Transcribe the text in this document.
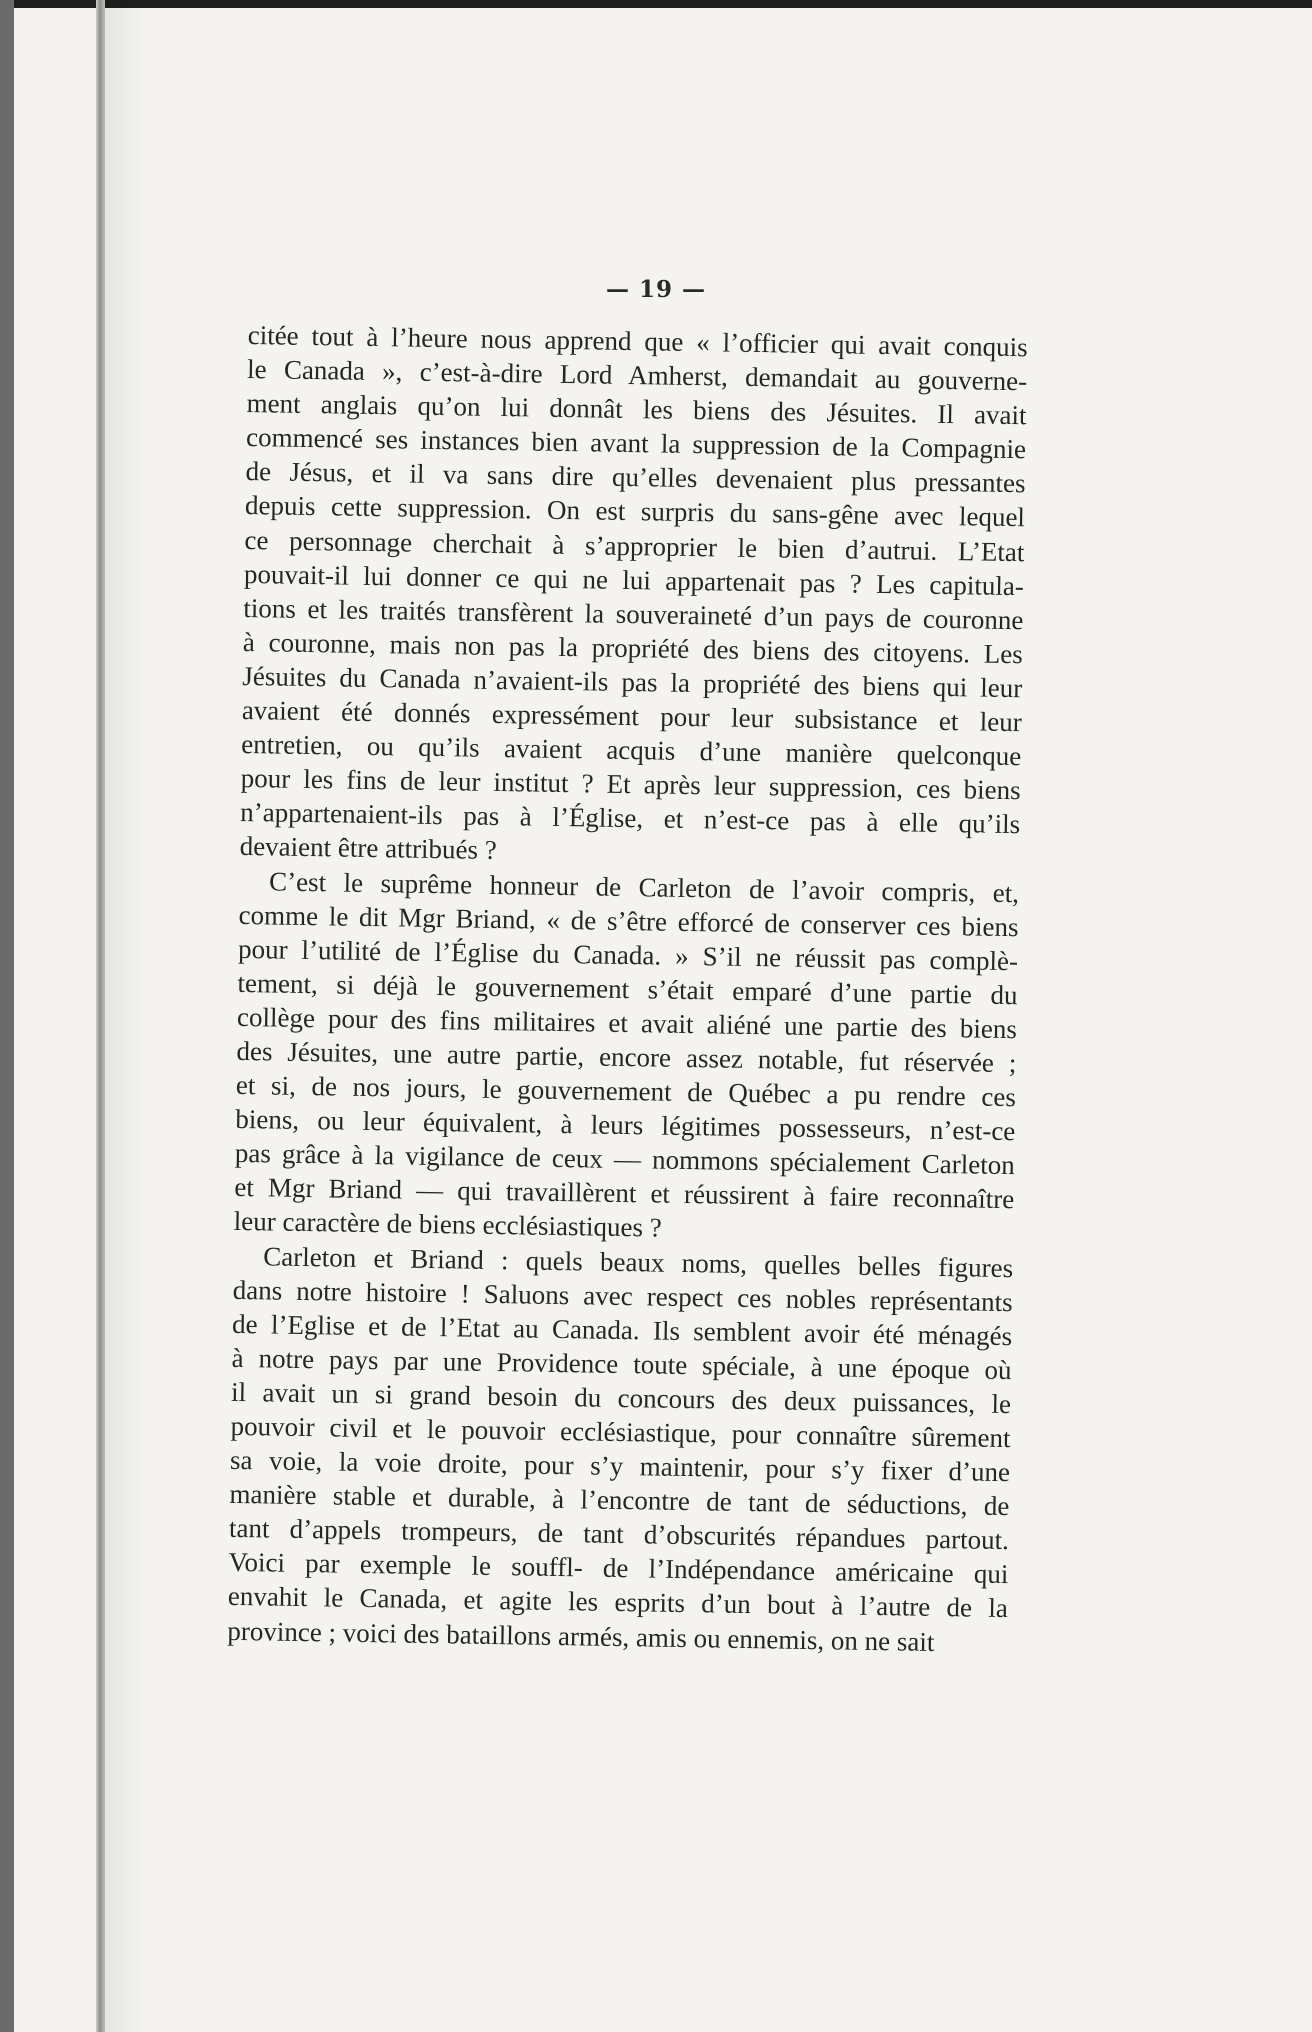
— 19 —
citée tout à l’heure nous apprend que « l’officier qui avait conquis
le Canada », c’est-à-dire Lord Amherst, demandait au gouverne-
ment anglais qu’on lui donnât les biens des Jésuites. Il avait
commencé ses instances bien avant la suppression de la Compagnie
de Jésus, et il va sans dire qu’elles devenaient plus pressantes
depuis cette suppression. On est surpris du sans-gêne avec lequel
ce personnage cherchait à s’approprier le bien d’autrui. L’Etat
pouvait-il lui donner ce qui ne lui appartenait pas ? Les capitula-
tions et les traités transfèrent la souveraineté d’un pays de couronne
à couronne, mais non pas la propriété des biens des citoyens. Les
Jésuites du Canada n’avaient-ils pas la propriété des biens qui leur
avaient été donnés expressément pour leur subsistance et leur
entretien, ou qu’ils avaient acquis d’une manière quelconque
pour les fins de leur institut ? Et après leur suppression, ces biens
n’appartenaient-ils pas à l’Église, et n’est-ce pas à elle qu’ils
devaient être attribués ?
C’est le suprême honneur de Carleton de l’avoir compris, et,
comme le dit Mgr Briand, « de s’être efforcé de conserver ces biens
pour l’utilité de l’Église du Canada. » S’il ne réussit pas complè-
tement, si déjà le gouvernement s’était emparé d’une partie du
collège pour des fins militaires et avait aliéné une partie des biens
des Jésuites, une autre partie, encore assez notable, fut réservée ;
et si, de nos jours, le gouvernement de Québec a pu rendre ces
biens, ou leur équivalent, à leurs légitimes possesseurs, n’est-ce
pas grâce à la vigilance de ceux — nommons spécialement Carleton
et Mgr Briand — qui travaillèrent et réussirent à faire reconnaître
leur caractère de biens ecclésiastiques ?
Carleton et Briand : quels beaux noms, quelles belles figures
dans notre histoire ! Saluons avec respect ces nobles représentants
de l’Eglise et de l’Etat au Canada. Ils semblent avoir été ménagés
à notre pays par une Providence toute spéciale, à une époque où
il avait un si grand besoin du concours des deux puissances, le
pouvoir civil et le pouvoir ecclésiastique, pour connaître sûrement
sa voie, la voie droite, pour s’y maintenir, pour s’y fixer d’une
manière stable et durable, à l’encontre de tant de séductions, de
tant d’appels trompeurs, de tant d’obscurités répandues partout.
Voici par exemple le souffl- de l’Indépendance américaine qui
envahit le Canada, et agite les esprits d’un bout à l’autre de la
province ; voici des bataillons armés, amis ou ennemis, on ne sait
